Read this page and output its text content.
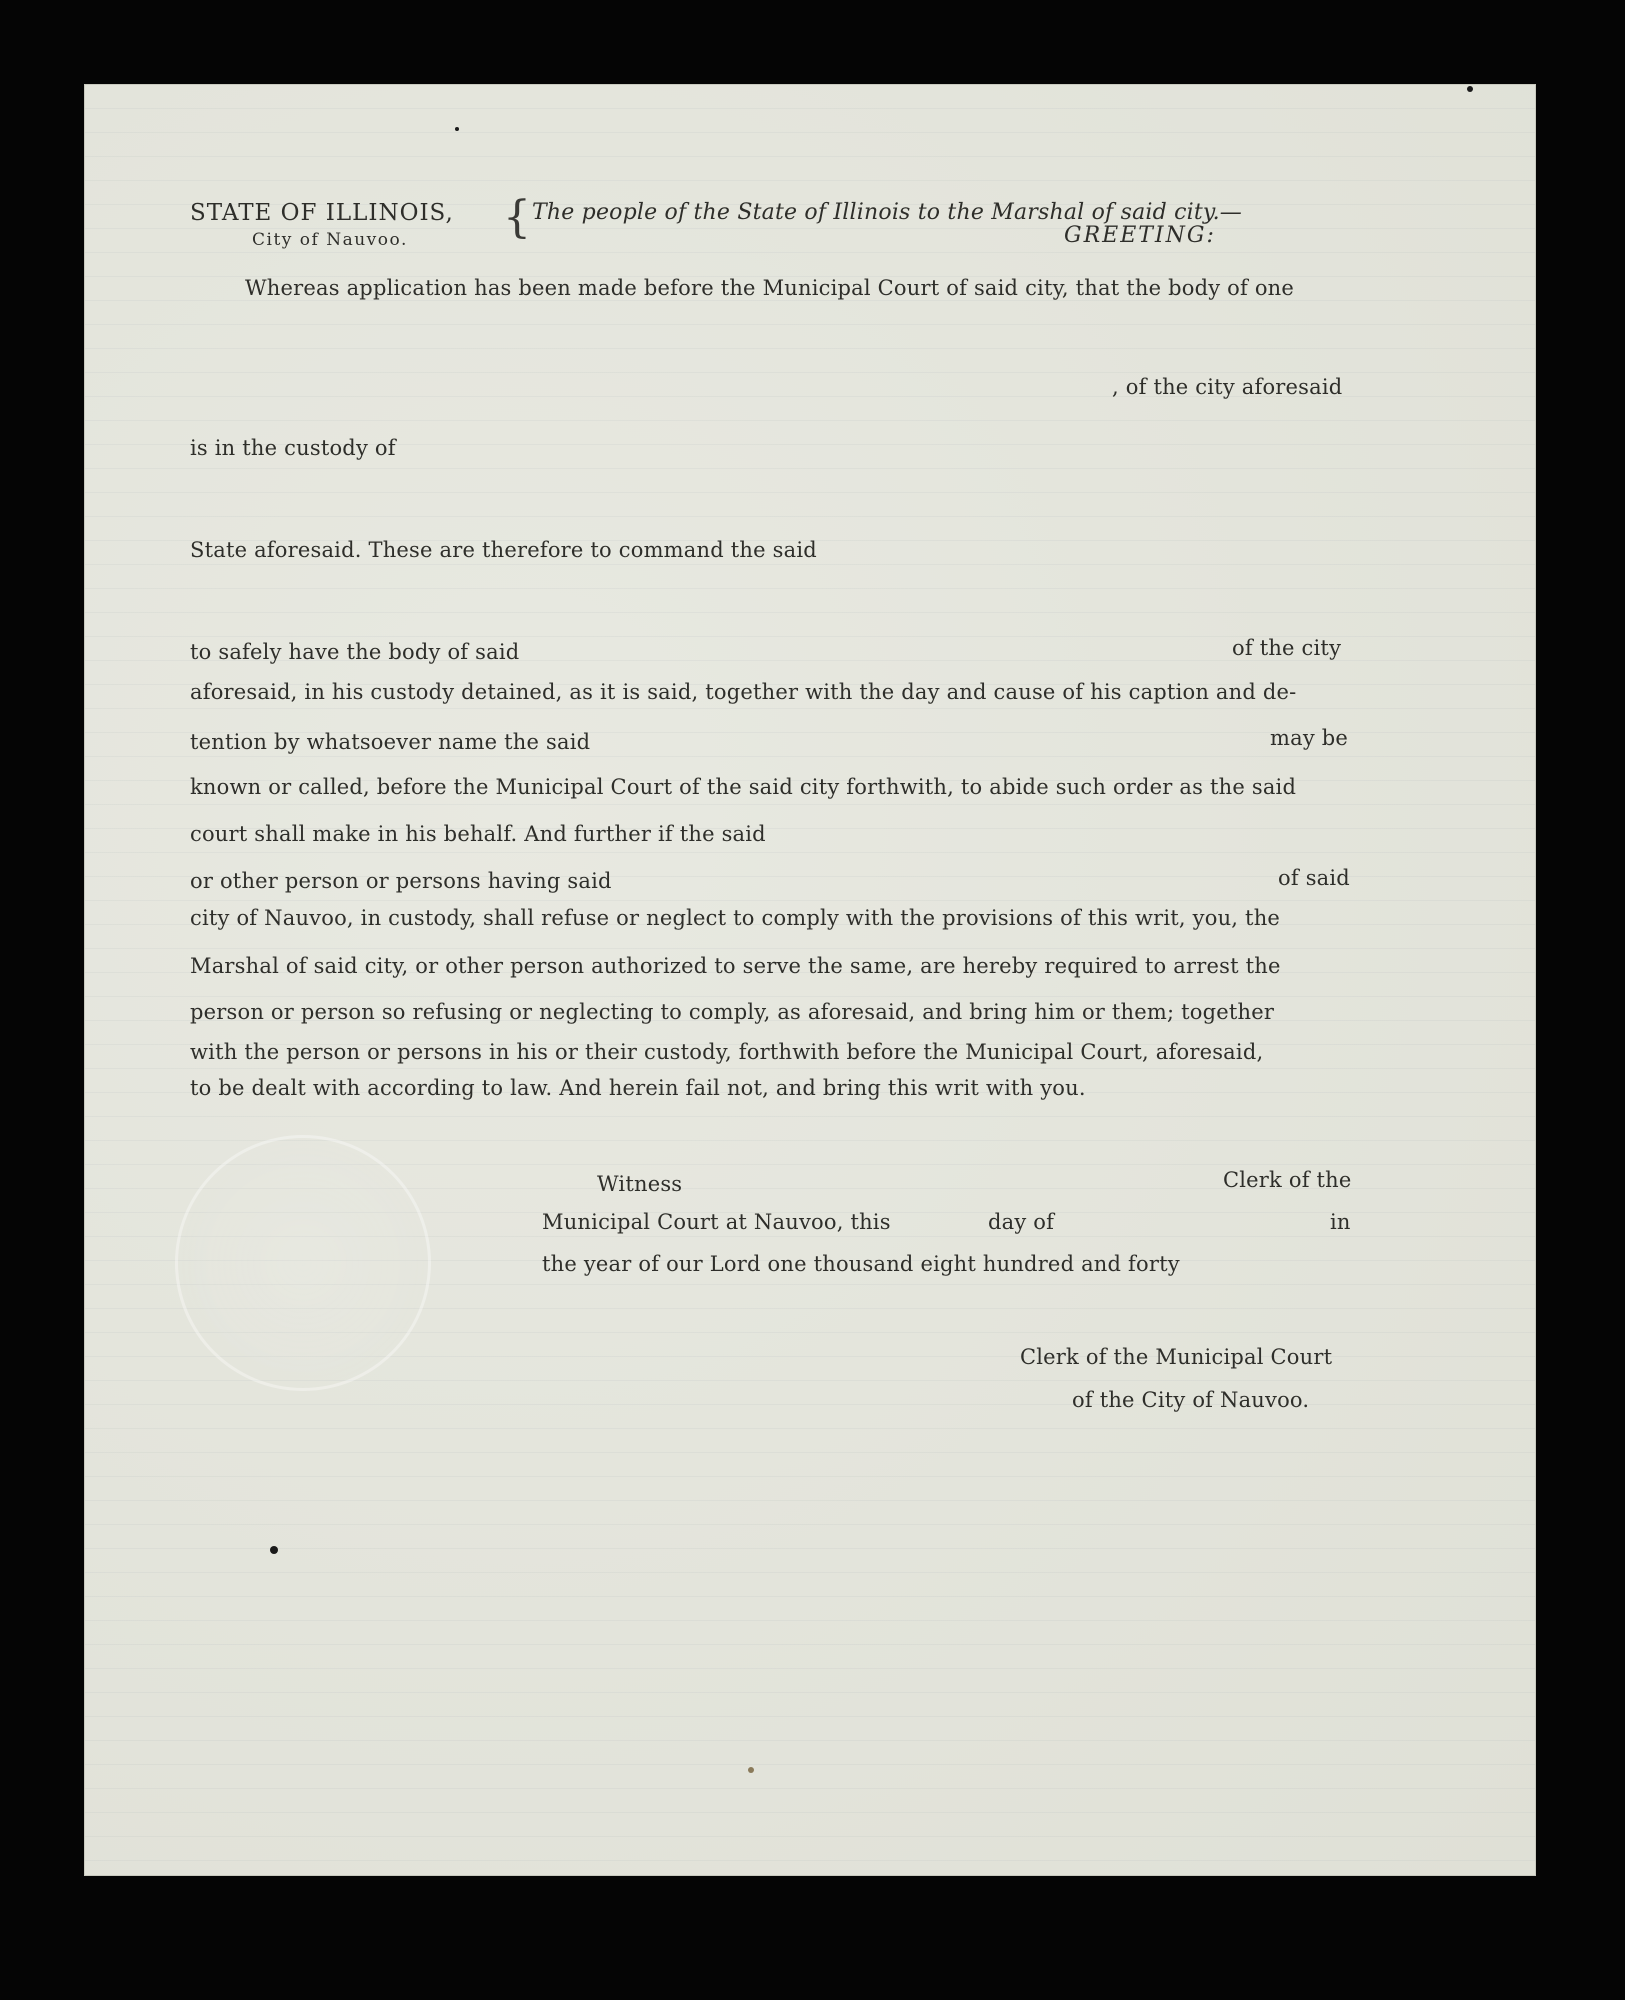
STATE OF ILLINOIS,
City of Nauvoo. { The people of the State of Illinois to the Marshal of said city.—
GREETING:
Whereas application has been made before the Municipal Court of said city, that the body of one
, of the city aforesaid
is in the custody of
State aforesaid. These are therefore to command the said
to safely have the body of said	of the city
aforesaid, in his custody detained, as it is said, together with the day and cause of his caption and de-
tention by whatsoever name the said	may be
known or called, before the Municipal Court of the said city forthwith, to abide such order as the said
court shall make in his behalf. And further if the said
or other person or persons having said	of said
city of Nauvoo, in custody, shall refuse or neglect to comply with the provisions of this writ, you, the
Marshal of said city, or other person authorized to serve the same, are hereby required to arrest the
person or person so refusing or neglecting to comply, as aforesaid, and bring him or them; together
with the person or persons in his or their custody, forthwith before the Municipal Court, aforesaid,
to be dealt with according to law. And herein fail not, and bring this writ with you.
Witness	Clerk of the
Municipal Court at Nauvoo, this	day of	in
the year of our Lord one thousand eight hundred and forty
Clerk of the Municipal Court
of the City of Nauvoo.
